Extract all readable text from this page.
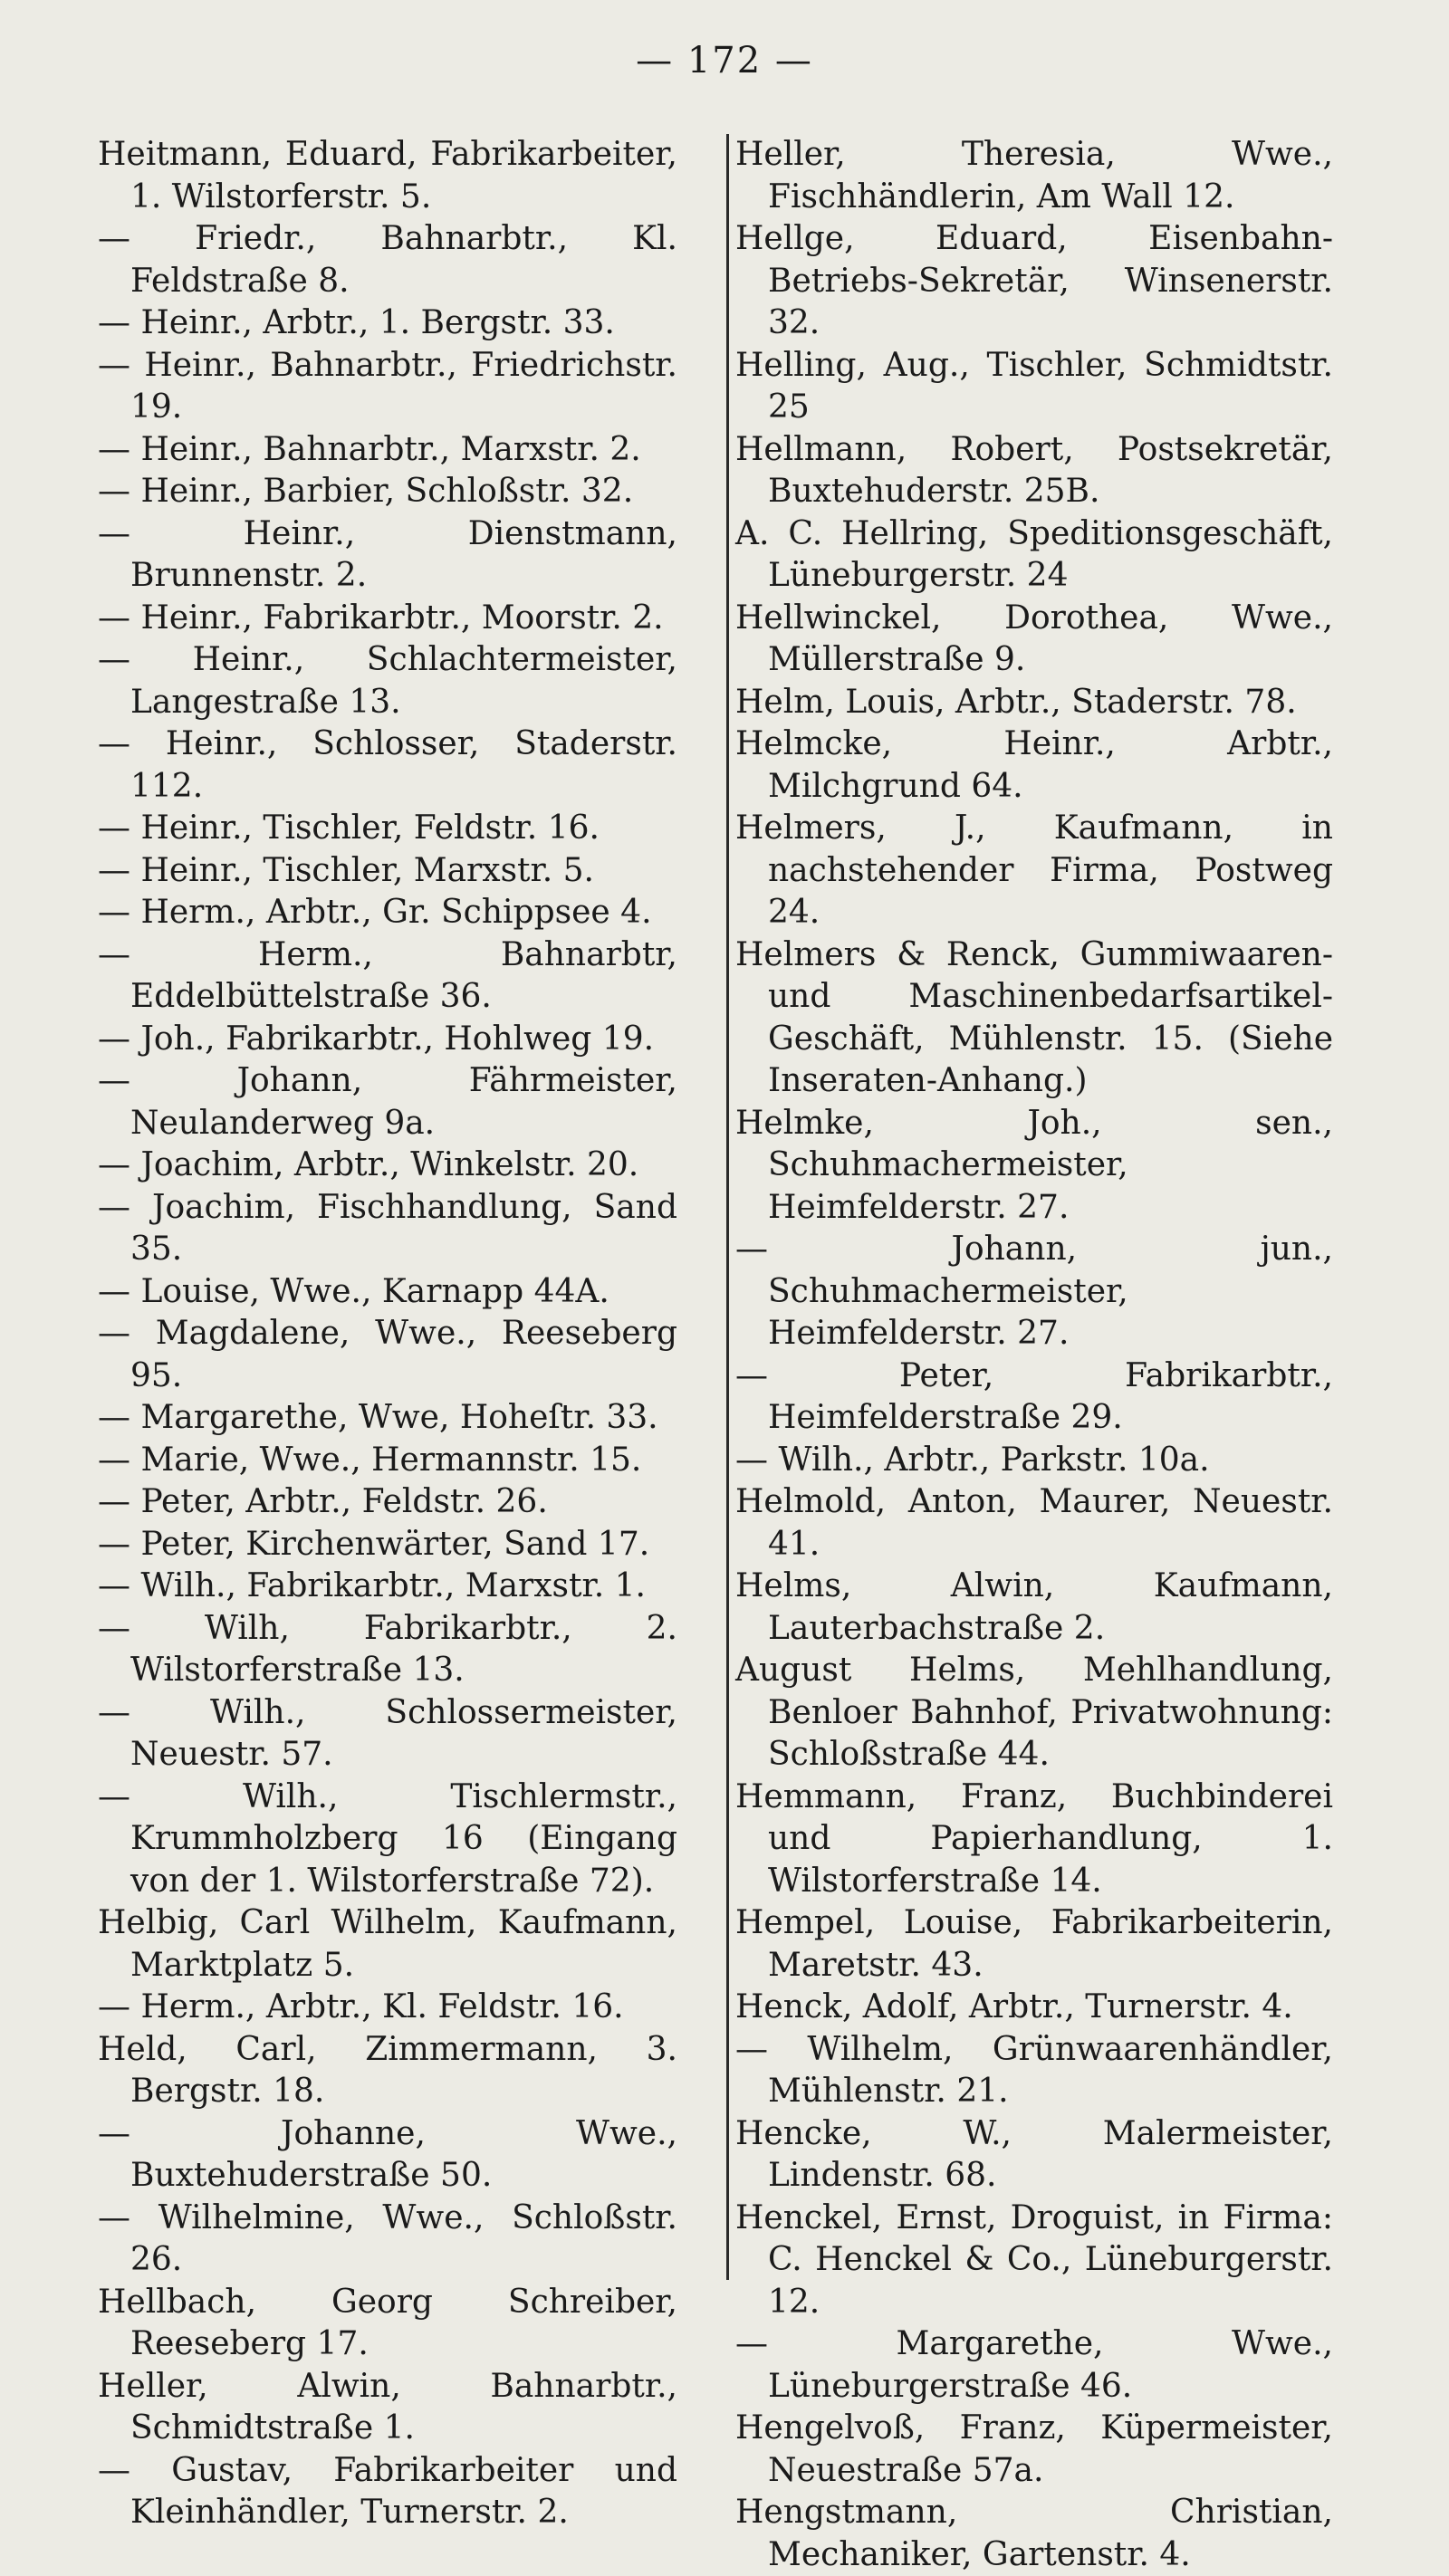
— 172 —

Heitmann, Eduard, Fabrikarbeiter, 1. Wilstorferstr. 5.

— Friedr., Bahnarbtr., Kl. Feldstraße 8.

— Heinr., Arbtr., 1. Bergstr. 33.

— Heinr., Bahnarbtr., Friedrichstr. 19.

— Heinr., Bahnarbtr., Marxstr. 2.

— Heinr., Barbier, Schloßstr. 32.

— Heinr., Dienstmann, Brunnenstr. 2.

— Heinr., Fabrikarbtr., Moorstr. 2.

— Heinr., Schlachtermeister, Langestraße 13.

— Heinr., Schlosser, Staderstr. 112.

— Heinr., Tischler, Feldstr. 16.

— Heinr., Tischler, Marxstr. 5.

— Herm., Arbtr., Gr. Schippsee 4.

— Herm., Bahnarbtr, Eddelbüttelstraße 36.

— Joh., Fabrikarbtr., Hohlweg 19.

— Johann, Fährmeister, Neulanderweg 9a.

— Joachim, Arbtr., Winkelstr. 20.

— Joachim, Fischhandlung, Sand 35.

— Louise, Wwe., Karnapp 44A.

— Magdalene, Wwe., Reeseberg 95.

— Margarethe, Wwe, Hoheſtr. 33.

— Marie, Wwe., Hermannstr. 15.

— Peter, Arbtr., Feldstr. 26.

— Peter, Kirchenwärter, Sand 17.

— Wilh., Fabrikarbtr., Marxstr. 1.

— Wilh, Fabrikarbtr., 2. Wilstorferstraße 13.

— Wilh., Schlossermeister, Neuestr. 57.

— Wilh., Tischlermstr., Krummholzberg 16 (Eingang von der 1. Wilstorferstraße 72).

Helbig, Carl Wilhelm, Kaufmann, Marktplatz 5.

— Herm., Arbtr., Kl. Feldstr. 16.

Held, Carl, Zimmermann, 3. Bergstr. 18.

— Johanne, Wwe., Buxtehuderstraße 50.

— Wilhelmine, Wwe., Schloßstr. 26.

Hellbach, Georg Schreiber, Reeseberg 17.

Heller, Alwin, Bahnarbtr., Schmidtstraße 1.

— Gustav, Fabrikarbeiter und Kleinhändler, Turnerstr. 2.

Heller, Theresia, Wwe., Fischhändlerin, Am Wall 12.

Hellge, Eduard, Eisenbahn-Betriebs-Sekretär, Winsenerstr. 32.

Helling, Aug., Tischler, Schmidtstr. 25

Hellmann, Robert, Postsekretär, Buxtehuderstr. 25B.

A. C. Hellring, Speditionsgeschäft, Lüneburgerstr. 24

Hellwinckel, Dorothea, Wwe., Müllerstraße 9.

Helm, Louis, Arbtr., Staderstr. 78.

Helmcke, Heinr., Arbtr., Milchgrund 64.

Helmers, J., Kaufmann, in nachstehender Firma, Postweg 24.

Helmers & Renck, Gummiwaaren- und Maschinenbedarfsartikel-Geschäft, Mühlenstr. 15. (Siehe Inseraten-Anhang.)

Helmke, Joh., sen., Schuhmachermeister, Heimfelderstr. 27.

— Johann, jun., Schuhmachermeister, Heimfelderstr. 27.

— Peter, Fabrikarbtr., Heimfelderstraße 29.

— Wilh., Arbtr., Parkstr. 10a.

Helmold, Anton, Maurer, Neuestr. 41.

Helms, Alwin, Kaufmann, Lauterbachstraße 2.

August Helms, Mehlhandlung, Benloer Bahnhof, Privatwohnung: Schloßstraße 44.

Hemmann, Franz, Buchbinderei und Papierhandlung, 1. Wilstorferstraße 14.

Hempel, Louise, Fabrikarbeiterin, Maretstr. 43.

Henck, Adolf, Arbtr., Turnerstr. 4.

— Wilhelm, Grünwaarenhändler, Mühlenstr. 21.

Hencke, W., Malermeister, Lindenstr. 68.

Henckel, Ernst, Droguist, in Firma: C. Henckel & Co., Lüneburgerstr. 12.

— Margarethe, Wwe., Lüneburgerstraße 46.

Hengelvoß, Franz, Küpermeister, Neuestraße 57a.

Hengstmann, Christian, Mechaniker, Gartenstr. 4.
